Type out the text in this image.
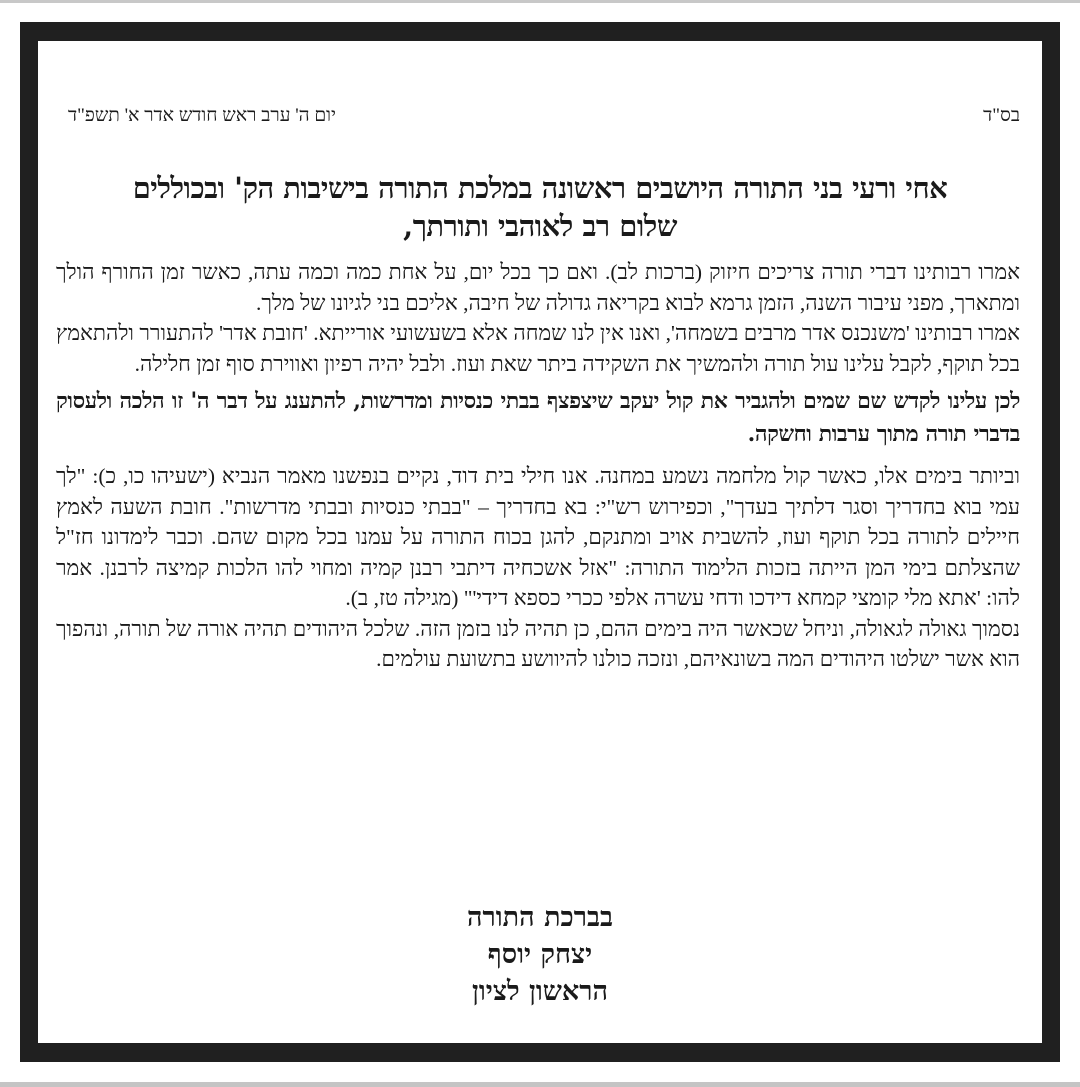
בס"ד
יום ה' ערב ראש חודש אדר א' תשפ"ד
אחי ורעי בני התורה היושבים ראשונה במלכת התורה בישיבות הק' ובכוללים
שלום רב לאוהבי ותורתך,

אמרו רבותינו דברי תורה צריכים חיזוק (ברכות לב). ואם כך בכל יום, על אחת כמה וכמה עתה, כאשר זמן החורף הולך ומתארך, מפני עיבור השנה, הזמן גרמא לבוא בקריאה גדולה של חיבה, אליכם בני לגיונו של מלך.

אמרו רבותינו 'משנכנס אדר מרבים בשמחה', ואנו אין לנו שמחה אלא בשעשועי אורייתא. 'חובת אדר' להתעורר ולהתאמץ בכל תוקף, לקבל עלינו עול תורה ולהמשיך את השקידה ביתר שאת ועוז. ולבל יהיה רפיון ואווירת סוף זמן חלילה.

לכן עלינו לקדש שם שמים ולהגביר את קול יעקב שיצפצף בבתי כנסיות ומדרשות, להתענג על דבר ה' זו הלכה ולעסוק בדברי תורה מתוך ערבות וחשקה.

וביותר בימים אלו, כאשר קול מלחמה נשמע במחנה. אנו חילי בית דוד, נקיים בנפשנו מאמר הנביא (ישעיהו כו, כ): "לך עמי בוא בחדריך וסגר דלתיך בעדך", וכפירוש רש"י: בא בחדריך – "בבתי כנסיות ובבתי מדרשות". חובת השעה לאמץ חיילים לתורה בכל תוקף ועוז, להשבית אויב ומתנקם, להגן בכוח התורה על עמנו בכל מקום שהם. וכבר לימדונו חז"ל שהצלתם בימי המן הייתה בזכות הלימוד התורה: "אזל אשכחיה דיתבי רבנן קמיה ומחוי להו הלכות קמיצה לרבנן. אמר להו: 'אתא מלי קומצי קמחא דידכו ודחי עשרה אלפי ככרי כספא דידי'" (מגילה טז, ב).

נסמוך גאולה לגאולה, וניחל שכאשר היה בימים ההם, כן תהיה לנו בזמן הזה. שלכל היהודים תהיה אורה של תורה, ונהפוך הוא אשר ישלטו היהודים המה בשונאיהם, ונזכה כולנו להיוושע בתשועת עולמים.

בברכת התורה
יצחק יוסף
הראשון לציון
